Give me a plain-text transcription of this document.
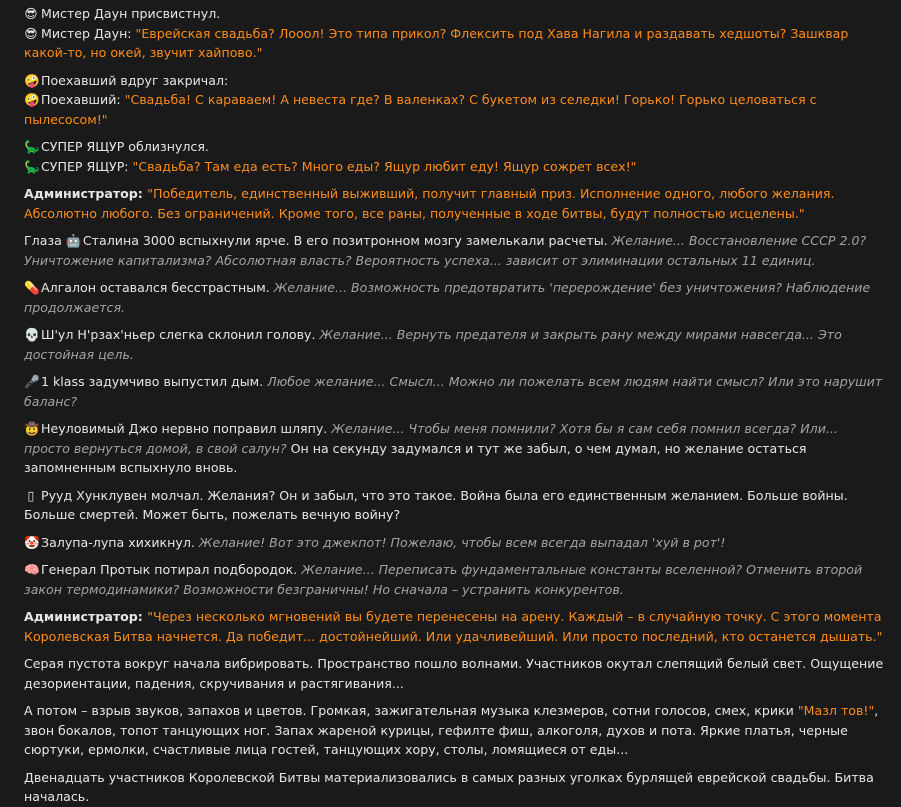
😎 Мистер Даун присвистнул.
😎 Мистер Даун: "Еврейская свадьба? Лооол! Это типа прикол? Флексить под Хава Нагила и раздавать хедшоты? Зашквар какой-то, но окей, звучит хайпово."
🤪Поехавший вдруг закричал:
🤪Поехавший: "Свадьба! С караваем! А невеста где? В валенках? С букетом из селедки! Горько! Горько целоваться с пылесосом!"
🦕СУПЕР ЯЩУР облизнулся.
🦕СУПЕР ЯЩУР: "Свадьба? Там еда есть? Много еды? Ящур любит еду! Ящур сожрет всех!"
Администратор: "Победитель, единственный выживший, получит главный приз. Исполнение одного, любого желания. Абсолютно любого. Без ограничений. Кроме того, все раны, полученные в ходе битвы, будут полностью исцелены."
Глаза 🤖Сталина 3000 вспыхнули ярче. В его позитронном мозгу замелькали расчеты. Желание... Восстановление СССР 2.0? Уничтожение капитализма? Абсолютная власть? Вероятность успеха... зависит от элиминации остальных 11 единиц.
💊Алгалон оставался бесстрастным. Желание... Возможность предотвратить 'перерождение' без уничтожения? Наблюдение продолжается.
💀Ш'ул Н'рзах'ньер слегка склонил голову. Желание... Вернуть предателя и закрыть рану между мирами навсегда... Это достойная цель.
🎤1 klass задумчиво выпустил дым. Любое желание... Смысл... Можно ли пожелать всем людям найти смысл? Или это нарушит баланс?
🤠Неуловимый Джо нервно поправил шляпу. Желание... Чтобы меня помнили? Хотя бы я сам себя помнил всегда? Или... просто вернуться домой, в свой салун? Он на секунду задумался и тут же забыл, о чем думал, но желание остаться запомненным вспыхнуло вновь.
▯ Рууд Хунклувен молчал. Желания? Он и забыл, что это такое. Война была его единственным желанием. Больше войны. Больше смертей. Может быть, пожелать вечную войну?
🤡Залупа-лупа хихикнул. Желание! Вот это джекпот! Пожелаю, чтобы всем всегда выпадал 'хуй в рот'!
🧠Генерал Протык потирал подбородок. Желание... Переписать фундаментальные константы вселенной? Отменить второй закон термодинамики? Возможности безграничны! Но сначала – устранить конкурентов.
Администратор: "Через несколько мгновений вы будете перенесены на арену. Каждый – в случайную точку. С этого момента Королевская Битва начнется. Да победит... достойнейший. Или удачливейший. Или просто последний, кто останется дышать."
Серая пустота вокруг начала вибрировать. Пространство пошло волнами. Участников окутал слепящий белый свет. Ощущение дезориентации, падения, скручивания и растягивания...
А потом – взрыв звуков, запахов и цветов. Громкая, зажигательная музыка клезмеров, сотни голосов, смех, крики "Мазл тов!", звон бокалов, топот танцующих ног. Запах жареной курицы, гефилте фиш, алкоголя, духов и пота. Яркие платья, черные сюртуки, ермолки, счастливые лица гостей, танцующих хору, столы, ломящиеся от еды...
Двенадцать участников Королевской Битвы материализовались в самых разных уголках бурлящей еврейской свадьбы. Битва началась.
